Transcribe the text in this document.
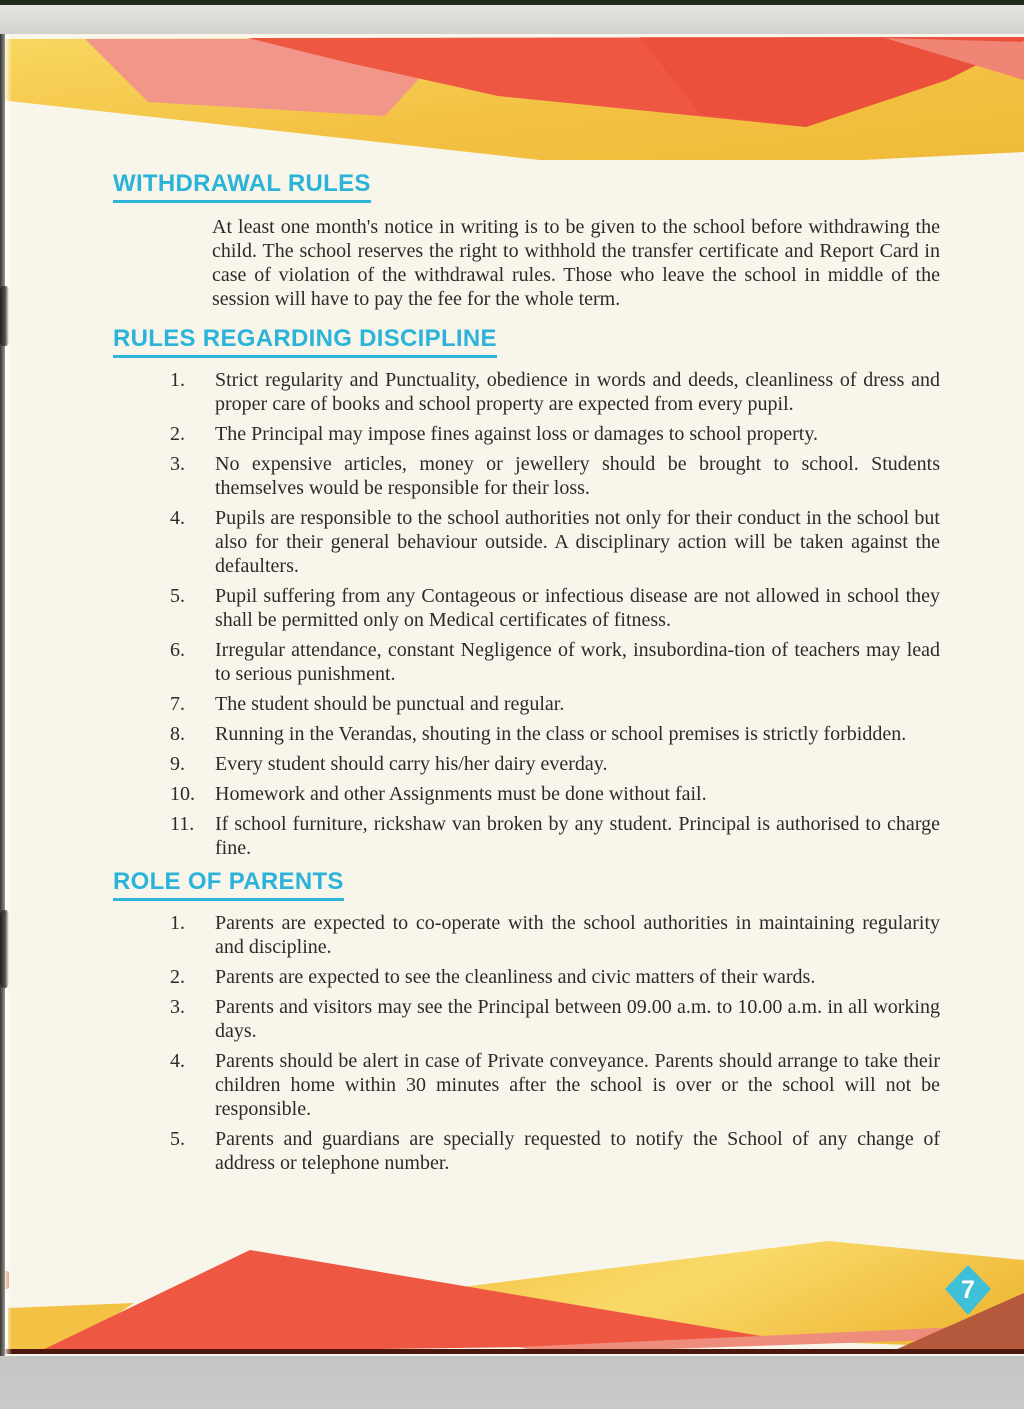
WITHDRAWAL RULES

At least one month's notice in writing is to be given to the school before withdrawing the child. The school reserves the right to withhold the transfer certificate and Report Card in case of violation of the withdrawal rules. Those who leave the school in middle of the session will have to pay the fee for the whole term.

RULES REGARDING DISCIPLINE
1.	Strict regularity and Punctuality, obedience in words and deeds, cleanliness of dress and proper care of books and school property are expected from every pupil.
2.	The Principal may impose fines against loss or damages to school property.
3.	No expensive articles, money or jewellery should be brought to school. Students themselves would be responsible for their loss.
4.	Pupils are responsible to the school authorities not only for their conduct in the school but also for their general behaviour outside. A disciplinary action will be taken against the defaulters.
5.	Pupil suffering from any Contageous or infectious disease are not allowed in school they shall be permitted only on Medical certificates of fitness.
6.	Irregular attendance, constant Negligence of work, insubordina-tion of teachers may lead to serious punishment.
7.	The student should be punctual and regular.
8.	Running in the Verandas, shouting in the class or school premises is strictly forbidden.
9.	Every student should carry his/her dairy everday.
10.	Homework and other Assignments must be done without fail.
11.	If school furniture, rickshaw van broken by any student. Principal is authorised to charge fine.
ROLE OF PARENTS
1.	Parents are expected to co-operate with the school authorities in maintaining regularity and discipline.
2.	Parents are expected to see the cleanliness and civic matters of their wards.
3.	Parents and visitors may see the Principal between 09.00 a.m. to 10.00 a.m. in all working days.
4.	Parents should be alert in case of Private conveyance. Parents should arrange to take their children home within 30 minutes after the school is over or the school will not be responsible.
5.	Parents and guardians are specially requested to notify the School of any change of address or telephone number.
7
